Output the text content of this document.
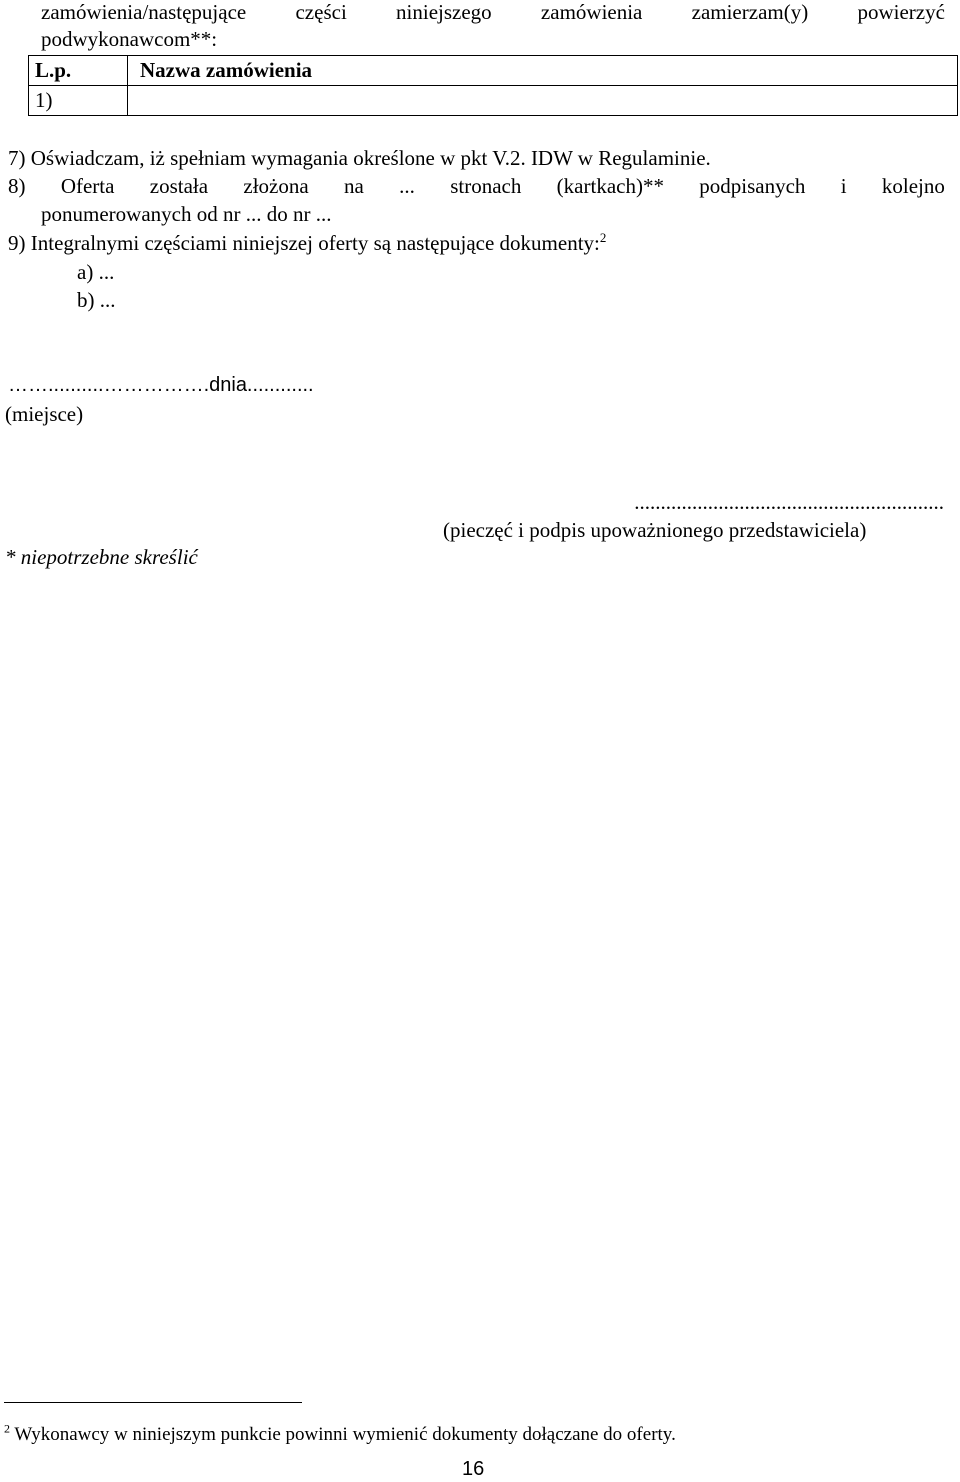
zamówienia/następujące części niniejszego zamówienia zamierzam(y) powierzyć
podwykonawcom**:
L.p.	Nazwa zamówienia
1)	
7) Oświadczam, iż spełniam wymagania określone w pkt V.2. IDW w Regulaminie.
8) Oferta została złożona na ... stronach (kartkach)** podpisanych i kolejno
ponumerowanych od nr ... do nr ...
9) Integralnymi częściami niniejszej oferty są następujące dokumenty:$^2$
a) ...
b) ...
……..........…………….dnia............
(miejsce)
...........................................................
(pieczęć i podpis upoważnionego przedstawiciela)
* niepotrzebne skreślić
$^2$ Wykonawcy w niniejszym punkcie powinni wymienić dokumenty dołączane do oferty.
16
